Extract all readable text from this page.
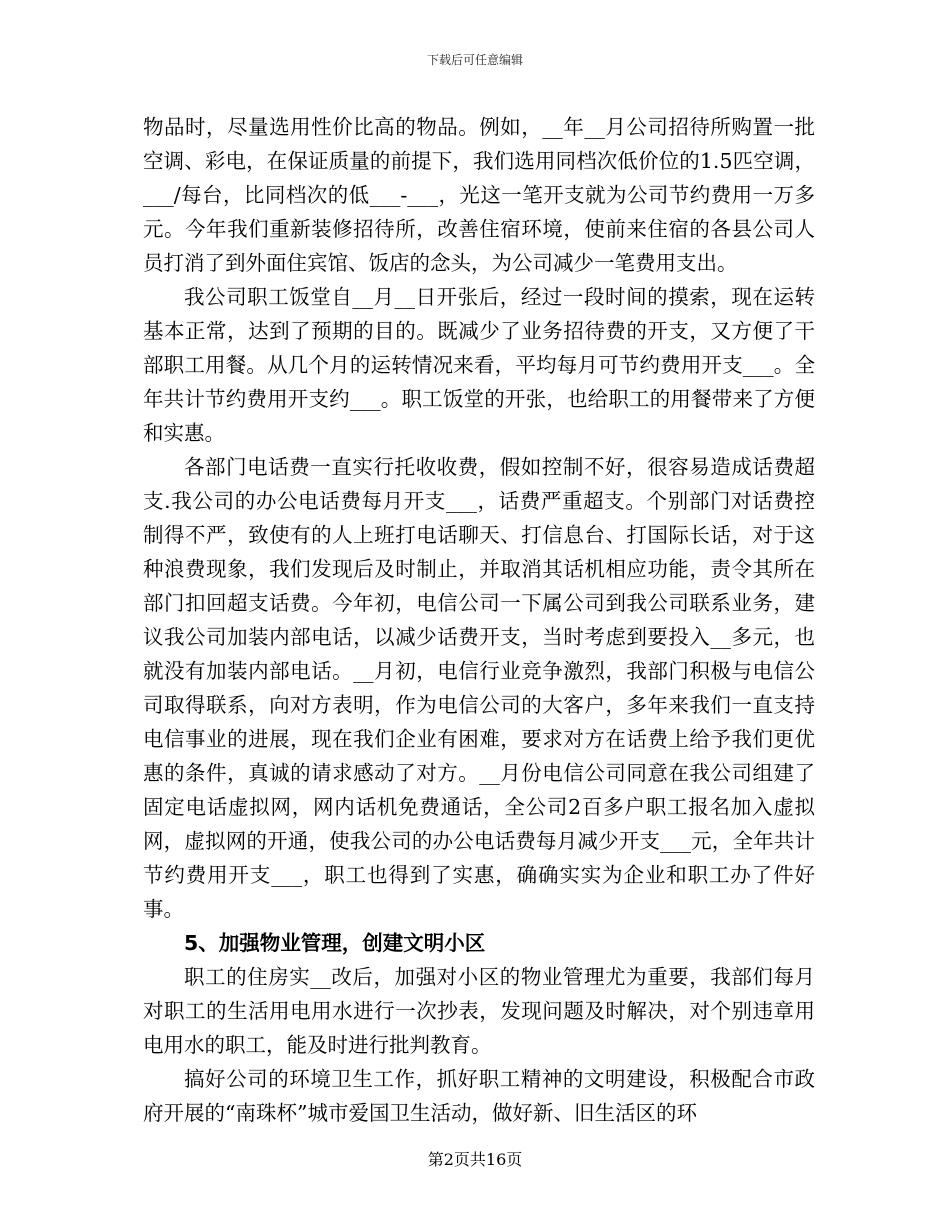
下载后可任意编辑

物品时，尽量选用性价比高的物品。例如，__年__月公司招待所购置一批空调、彩电，在保证质量的前提下，我们选用同档次低价位的1.5匹空调，___/每台，比同档次的低___-___，光这一笔开支就为公司节约费用一万多元。今年我们重新装修招待所，改善住宿环境，使前来住宿的各县公司人员打消了到外面住宾馆、饭店的念头，为公司减少一笔费用支出。

我公司职工饭堂自__月__日开张后，经过一段时间的摸索，现在运转基本正常，达到了预期的目的。既减少了业务招待费的开支，又方便了干部职工用餐。从几个月的运转情况来看，平均每月可节约费用开支___。全年共计节约费用开支约___。职工饭堂的开张，也给职工的用餐带来了方便和实惠。

各部门电话费一直实行托收收费，假如控制不好，很容易造成话费超支.我公司的办公电话费每月开支___，话费严重超支。个别部门对话费控制得不严，致使有的人上班打电话聊天、打信息台、打国际长话，对于这种浪费现象，我们发现后及时制止，并取消其话机相应功能，责令其所在部门扣回超支话费。今年初，电信公司一下属公司到我公司联系业务，建议我公司加装内部电话，以减少话费开支，当时考虑到要投入__多元，也就没有加装内部电话。__月初，电信行业竞争激烈，我部门积极与电信公司取得联系，向对方表明，作为电信公司的大客户，多年来我们一直支持电信事业的进展，现在我们企业有困难，要求对方在话费上给予我们更优惠的条件，真诚的请求感动了对方。__月份电信公司同意在我公司组建了固定电话虚拟网，网内话机免费通话，全公司2百多户职工报名加入虚拟网，虚拟网的开通，使我公司的办公电话费每月减少开支___元，全年共计节约费用开支___，职工也得到了实惠，确确实实为企业和职工办了件好事。

5、加强物业管理，创建文明小区

职工的住房实__改后，加强对小区的物业管理尤为重要，我部们每月对职工的生活用电用水进行一次抄表，发现问题及时解决，对个别违章用电用水的职工，能及时进行批判教育。

搞好公司的环境卫生工作，抓好职工精神的文明建设，积极配合市政府开展的“南珠杯”城市爱国卫生活动，做好新、旧生活区的环

第2页共16页
